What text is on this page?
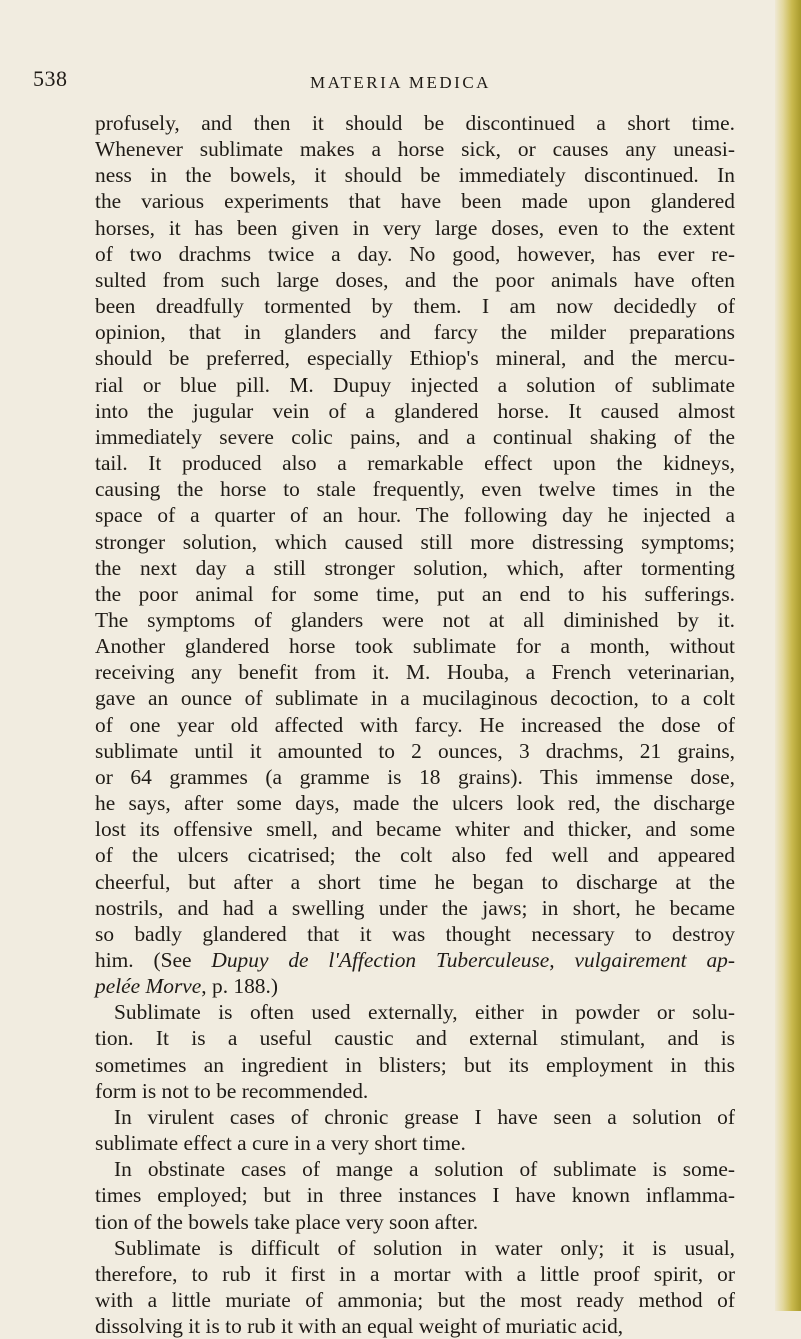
538	MATERIA MEDICA
profusely, and then it should be discontinued a short time.
Whenever sublimate makes a horse sick, or causes any uneasi-
ness in the bowels, it should be immediately discontinued. In
the various experiments that have been made upon glandered
horses, it has been given in very large doses, even to the extent
of two drachms twice a day. No good, however, has ever re-
sulted from such large doses, and the poor animals have often
been dreadfully tormented by them. I am now decidedly of
opinion, that in glanders and farcy the milder preparations
should be preferred, especially Ethiop's mineral, and the mercu-
rial or blue pill. M. Dupuy injected a solution of sublimate
into the jugular vein of a glandered horse. It caused almost
immediately severe colic pains, and a continual shaking of the
tail. It produced also a remarkable effect upon the kidneys,
causing the horse to stale frequently, even twelve times in the
space of a quarter of an hour. The following day he injected a
stronger solution, which caused still more distressing symptoms;
the next day a still stronger solution, which, after tormenting
the poor animal for some time, put an end to his sufferings.
The symptoms of glanders were not at all diminished by it.
Another glandered horse took sublimate for a month, without
receiving any benefit from it. M. Houba, a French veterinarian,
gave an ounce of sublimate in a mucilaginous decoction, to a colt
of one year old affected with farcy. He increased the dose of
sublimate until it amounted to 2 ounces, 3 drachms, 21 grains,
or 64 grammes (a gramme is 18 grains). This immense dose,
he says, after some days, made the ulcers look red, the discharge
lost its offensive smell, and became whiter and thicker, and some
of the ulcers cicatrised; the colt also fed well and appeared
cheerful, but after a short time he began to discharge at the
nostrils, and had a swelling under the jaws; in short, he became
so badly glandered that it was thought necessary to destroy
him. (See Dupuy de l'Affection Tuberculeuse, vulgairement ap-
pelée Morve, p. 188.)
Sublimate is often used externally, either in powder or solu-
tion. It is a useful caustic and external stimulant, and is
sometimes an ingredient in blisters; but its employment in this
form is not to be recommended.
In virulent cases of chronic grease I have seen a solution of
sublimate effect a cure in a very short time.
In obstinate cases of mange a solution of sublimate is some-
times employed; but in three instances I have known inflamma-
tion of the bowels take place very soon after.
Sublimate is difficult of solution in water only; it is usual,
therefore, to rub it first in a mortar with a little proof spirit, or
with a little muriate of ammonia; but the most ready method of
dissolving it is to rub it with an equal weight of muriatic acid,
